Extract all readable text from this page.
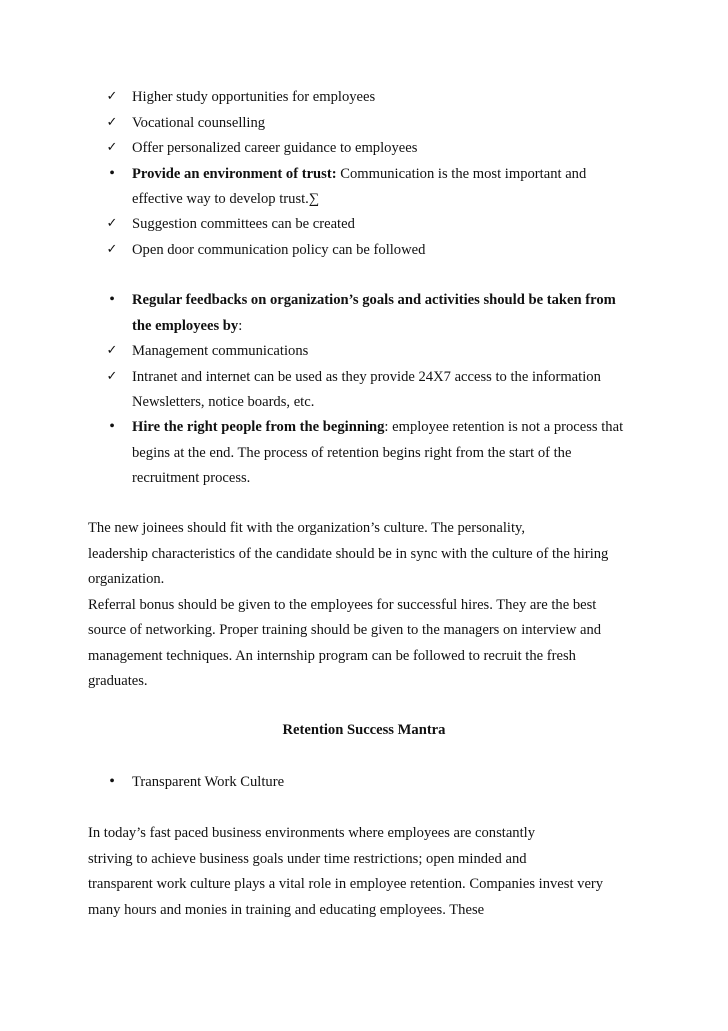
✓ Higher study opportunities for employees
✓ Vocational counselling
✓ Offer personalized career guidance to employees
•	Provide an environment of trust: Communication is the most important and
effective way to develop trust.∑
✓ Suggestion committees can be created
✓ Open door communication policy can be followed
•	Regular feedbacks on organization’s goals and activities should be taken from
the employees by:
✓ Management communications
✓ Intranet and internet can be used as they provide 24X7 access to the information
Newsletters, notice boards, etc.
•	Hire the right people from the beginning: employee retention is not a process that
begins at the end. The process of retention begins right from the start of the
recruitment process.
The new joinees should fit with the organization’s culture. The personality,
leadership characteristics of the candidate should be in sync with the culture of the hiring
organization.
Referral bonus should be given to the employees for successful hires. They are the best
source of networking. Proper training should be given to the managers on interview and
management techniques. An internship program can be followed to recruit the fresh
graduates.
Retention Success Mantra
•	Transparent Work Culture
In today’s fast paced business environments where employees are constantly
striving to achieve business goals under time restrictions; open minded and
transparent work culture plays a vital role in employee retention. Companies invest very
many hours and monies in training and educating employees. These
